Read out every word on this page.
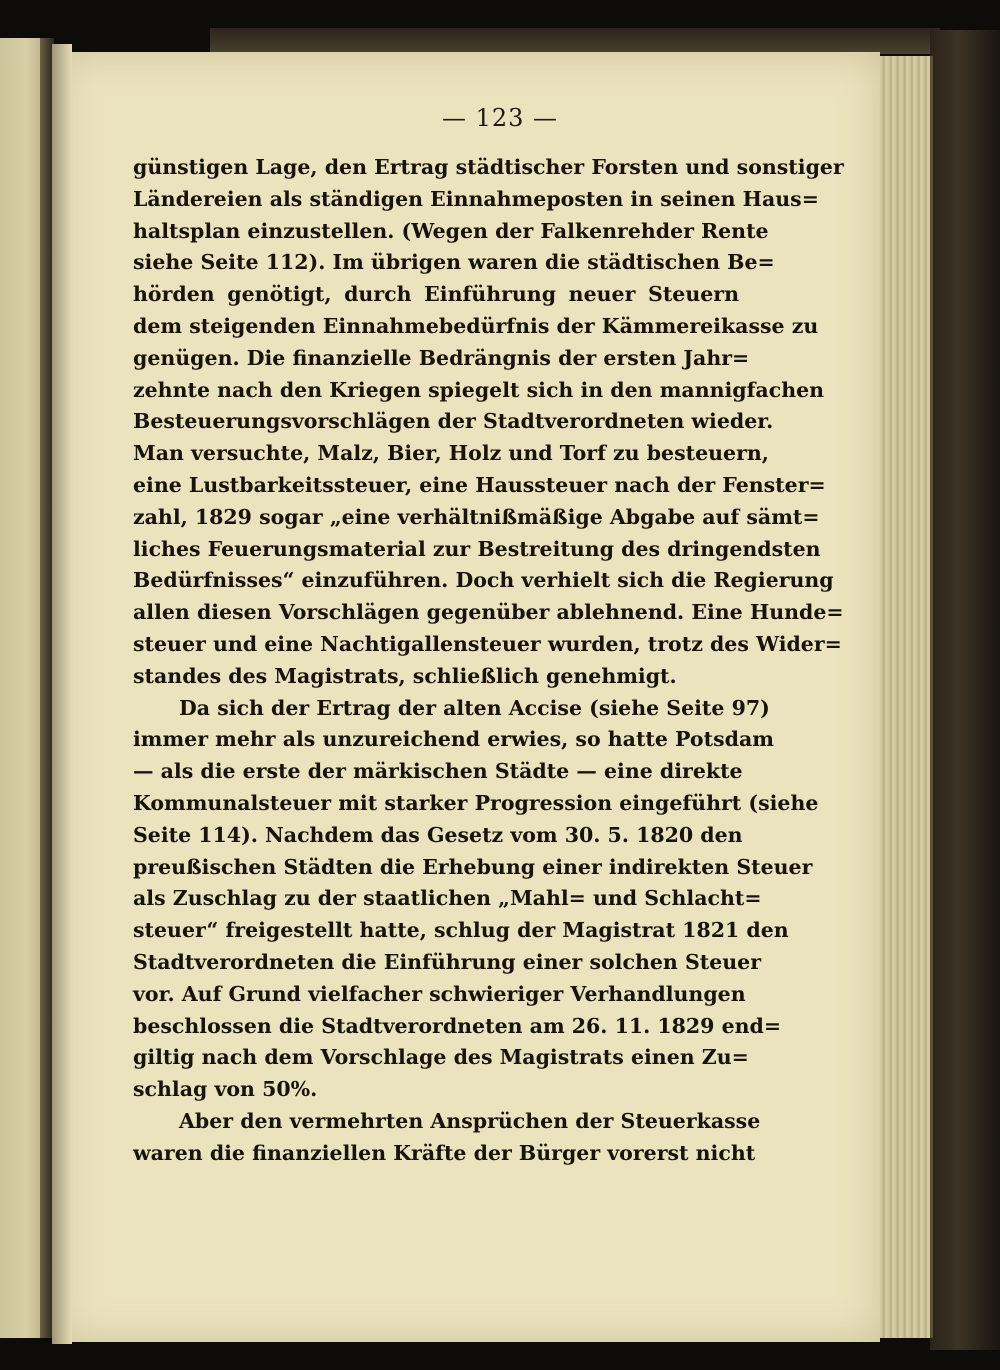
— 123 —
günstigen Lage, den Ertrag städtischer Forsten und sonstiger
Ländereien als ständigen Einnahmeposten in seinen Haus=
haltsplan einzustellen. (Wegen der Falkenrehder Rente
siehe Seite 112). Im übrigen waren die städtischen Be=
hörden genötigt, durch Einführung neuer Steuern
dem steigenden Einnahmebedürfnis der Kämmereikasse zu
genügen. Die finanzielle Bedrängnis der ersten Jahr=
zehnte nach den Kriegen spiegelt sich in den mannigfachen
Besteuerungsvorschlägen der Stadtverordneten wieder.
Man versuchte, Malz, Bier, Holz und Torf zu besteuern,
eine Lustbarkeitssteuer, eine Haussteuer nach der Fenster=
zahl, 1829 sogar „eine verhältnißmäßige Abgabe auf sämt=
liches Feuerungsmaterial zur Bestreitung des dringendsten
Bedürfnisses“ einzuführen. Doch verhielt sich die Regierung
allen diesen Vorschlägen gegenüber ablehnend. Eine Hunde=
steuer und eine Nachtigallensteuer wurden, trotz des Wider=
standes des Magistrats, schließlich genehmigt.
Da sich der Ertrag der alten Accise (siehe Seite 97)
immer mehr als unzureichend erwies, so hatte Potsdam
— als die erste der märkischen Städte — eine direkte
Kommunalsteuer mit starker Progression eingeführt (siehe
Seite 114). Nachdem das Gesetz vom 30. 5. 1820 den
preußischen Städten die Erhebung einer indirekten Steuer
als Zuschlag zu der staatlichen „Mahl= und Schlacht=
steuer“ freigestellt hatte, schlug der Magistrat 1821 den
Stadtverordneten die Einführung einer solchen Steuer
vor. Auf Grund vielfacher schwieriger Verhandlungen
beschlossen die Stadtverordneten am 26. 11. 1829 end=
giltig nach dem Vorschlage des Magistrats einen Zu=
schlag von 50%.
Aber den vermehrten Ansprüchen der Steuerkasse
waren die finanziellen Kräfte der Bürger vorerst nicht
